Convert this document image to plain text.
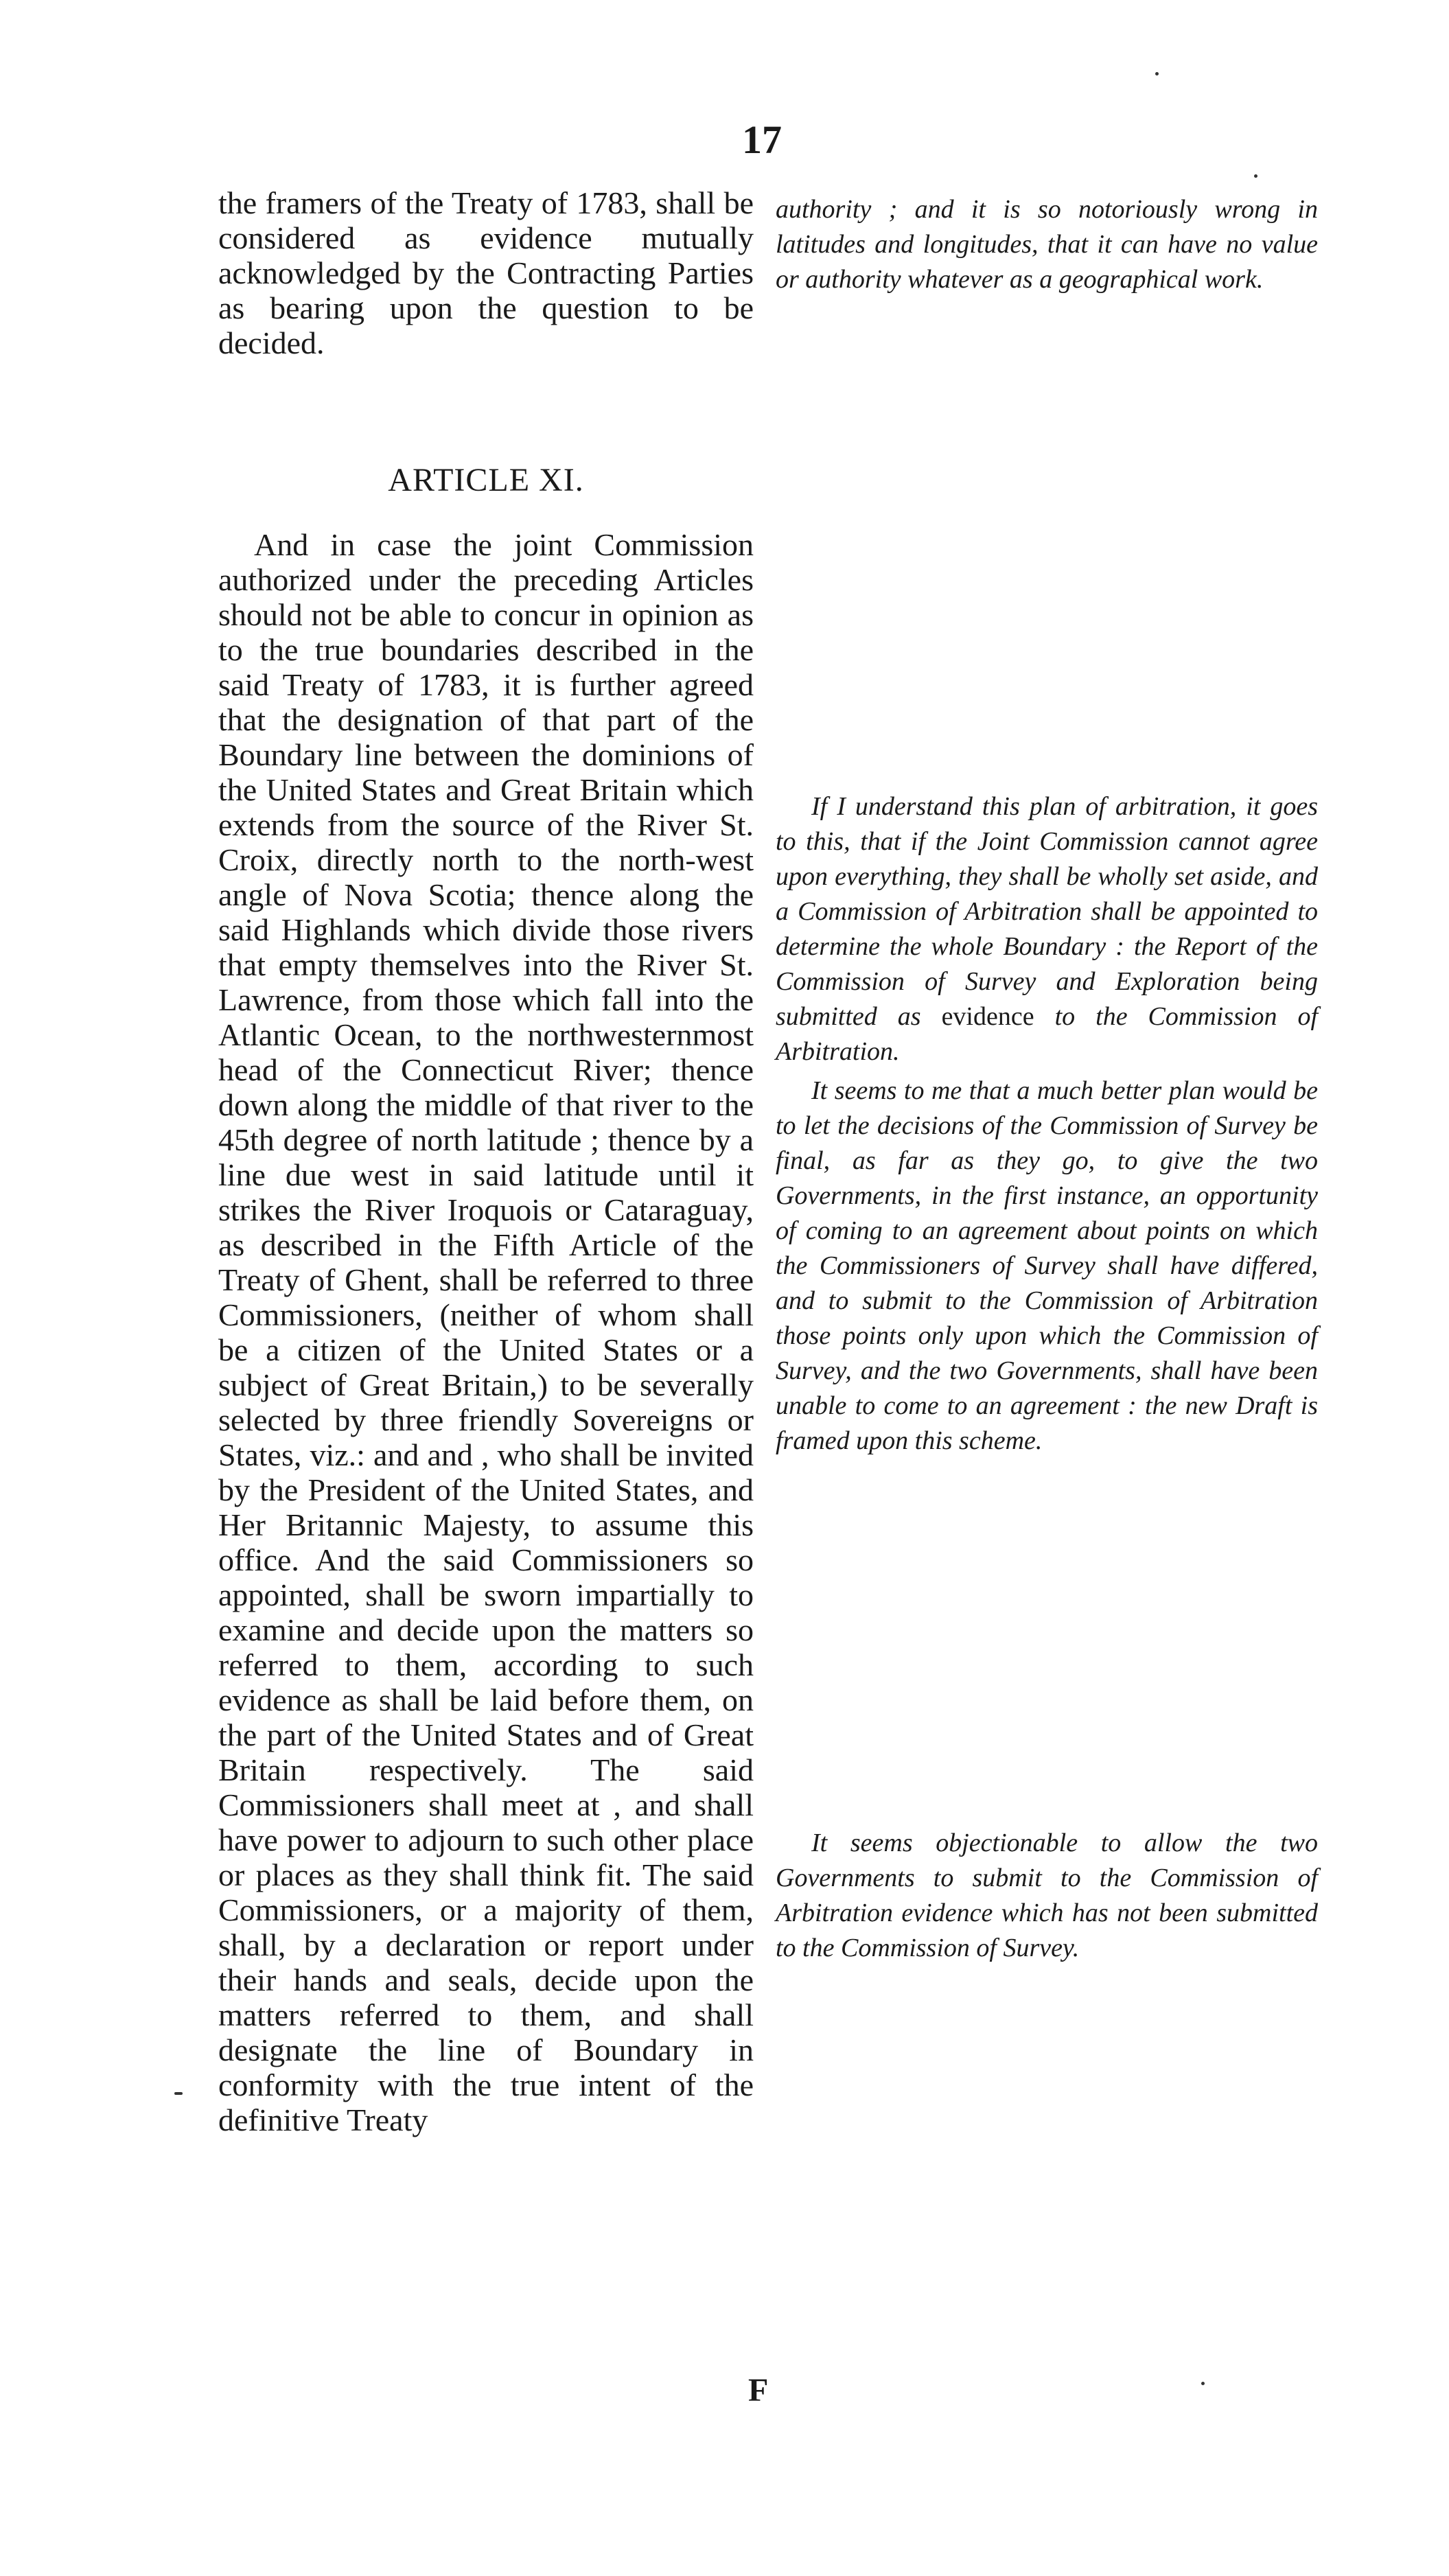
17

the framers of the Treaty of 1783, shall be considered as evidence mutually acknowledged by the Contracting Parties as bearing upon the question to be decided.

ARTICLE XI.

And in case the joint Commission authorized under the preceding Articles should not be able to concur in opinion as to the true boundaries described in the said Treaty of 1783, it is further agreed that the designation of that part of the Boundary line between the dominions of the United States and Great Britain which extends from the source of the River St. Croix, directly north to the north-west angle of Nova Scotia; thence along the said Highlands which divide those rivers that empty themselves into the River St. Lawrence, from those which fall into the Atlantic Ocean, to the northwesternmost head of the Connecticut River; thence down along the middle of that river to the 45th degree of north latitude ; thence by a line due west in said latitude until it strikes the River Iroquois or Cataraguay, as described in the Fifth Article of the Treaty of Ghent, shall be referred to three Commissioners, (neither of whom shall be a citizen of the United States or a subject of Great Britain,) to be severally selected by three friendly Sovereigns or States, viz.: and and , who shall be invited by the President of the United States, and Her Britannic Majesty, to assume this office. And the said Commissioners so appointed, shall be sworn impartially to examine and decide upon the matters so referred to them, according to such evidence as shall be laid before them, on the part of the United States and of Great Britain respectively. The said Commissioners shall meet at , and shall have power to adjourn to such other place or places as they shall think fit. The said Commissioners, or a majority of them, shall, by a declaration or report under their hands and seals, decide upon the matters referred to them, and shall designate the line of Boundary in conformity with the true intent of the definitive Treaty

authority ; and it is so notoriously wrong in latitudes and longitudes, that it can have no value or authority whatever as a geographical work.

If I understand this plan of arbitration, it goes to this, that if the Joint Commission cannot agree upon everything, they shall be wholly set aside, and a Commission of Arbitration shall be appointed to determine the whole Boundary : the Report of the Commission of Survey and Exploration being submitted as evidence to the Commission of Arbitration.

It seems to me that a much better plan would be to let the decisions of the Commission of Survey be final, as far as they go, to give the two Governments, in the first instance, an opportunity of coming to an agreement about points on which the Commissioners of Survey shall have differed, and to submit to the Commission of Arbitration those points only upon which the Commission of Survey, and the two Governments, shall have been unable to come to an agreement : the new Draft is framed upon this scheme.

It seems objectionable to allow the two Governments to submit to the Commission of Arbitration evidence which has not been submitted to the Commission of Survey.

F
